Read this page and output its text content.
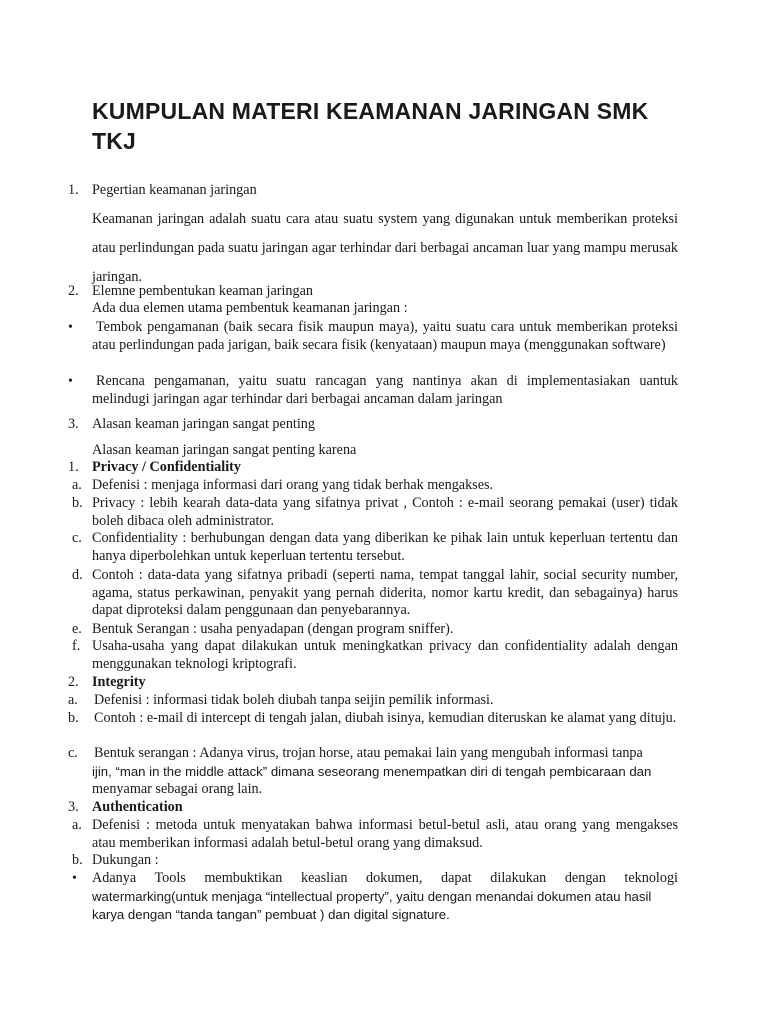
KUMPULAN MATERI KEAMANAN JARINGAN SMK TKJ
1. Pegertian keamanan jaringan
Keamanan jaringan adalah suatu cara atau suatu system yang digunakan untuk memberikan proteksi atau perlindungan pada suatu jaringan agar terhindar dari berbagai ancaman luar yang mampu merusak jaringan.
2. Elemne pembentukan keaman jaringan
Ada dua elemen utama pembentuk keamanan jaringan :
• Tembok pengamanan (baik secara fisik maupun maya), yaitu suatu cara untuk memberikan proteksi atau perlindungan pada jarigan, baik secara fisik (kenyataan) maupun maya (menggunakan software)
• Rencana pengamanan, yaitu suatu rancagan yang nantinya akan di implementasiakan uantuk melindugi jaringan agar terhindar dari berbagai ancaman dalam jaringan
3. Alasan keaman jaringan sangat penting
Alasan keaman jaringan sangat penting karena
1. Privacy / Confidentiality
a. Defenisi : menjaga informasi dari orang yang tidak berhak mengakses.
b. Privacy : lebih kearah data-data yang sifatnya privat , Contoh : e-mail seorang pemakai (user) tidak boleh dibaca oleh administrator.
c. Confidentiality : berhubungan dengan data yang diberikan ke pihak lain untuk keperluan tertentu dan hanya diperbolehkan untuk keperluan tertentu tersebut.
d. Contoh : data-data yang sifatnya pribadi (seperti nama, tempat tanggal lahir, social security number, agama, status perkawinan, penyakit yang pernah diderita, nomor kartu kredit, dan sebagainya) harus dapat diproteksi dalam penggunaan dan penyebarannya.
e. Bentuk Serangan : usaha penyadapan (dengan program sniffer).
f. Usaha-usaha yang dapat dilakukan untuk meningkatkan privacy dan confidentiality adalah dengan menggunakan teknologi kriptografi.
2. Integrity
a. Defenisi : informasi tidak boleh diubah tanpa seijin pemilik informasi.
b. Contoh : e-mail di intercept di tengah jalan, diubah isinya, kemudian diteruskan ke alamat yang dituju.
c. Bentuk serangan : Adanya virus, trojan horse, atau pemakai lain yang mengubah informasi tanpa
ijin, “man in the middle attack” dimana seseorang menempatkan diri di tengah pembicaraan dan
menyamar sebagai orang lain.
3. Authentication
a. Defenisi : metoda untuk menyatakan bahwa informasi betul-betul asli, atau orang yang mengakses atau memberikan informasi adalah betul-betul orang yang dimaksud.
b. Dukungan :
• Adanya Tools membuktikan keaslian dokumen, dapat dilakukan dengan teknologi
watermarking(untuk menjaga “intellectual property”, yaitu dengan menandai dokumen atau hasil
karya dengan “tanda tangan” pembuat ) dan digital signature.
